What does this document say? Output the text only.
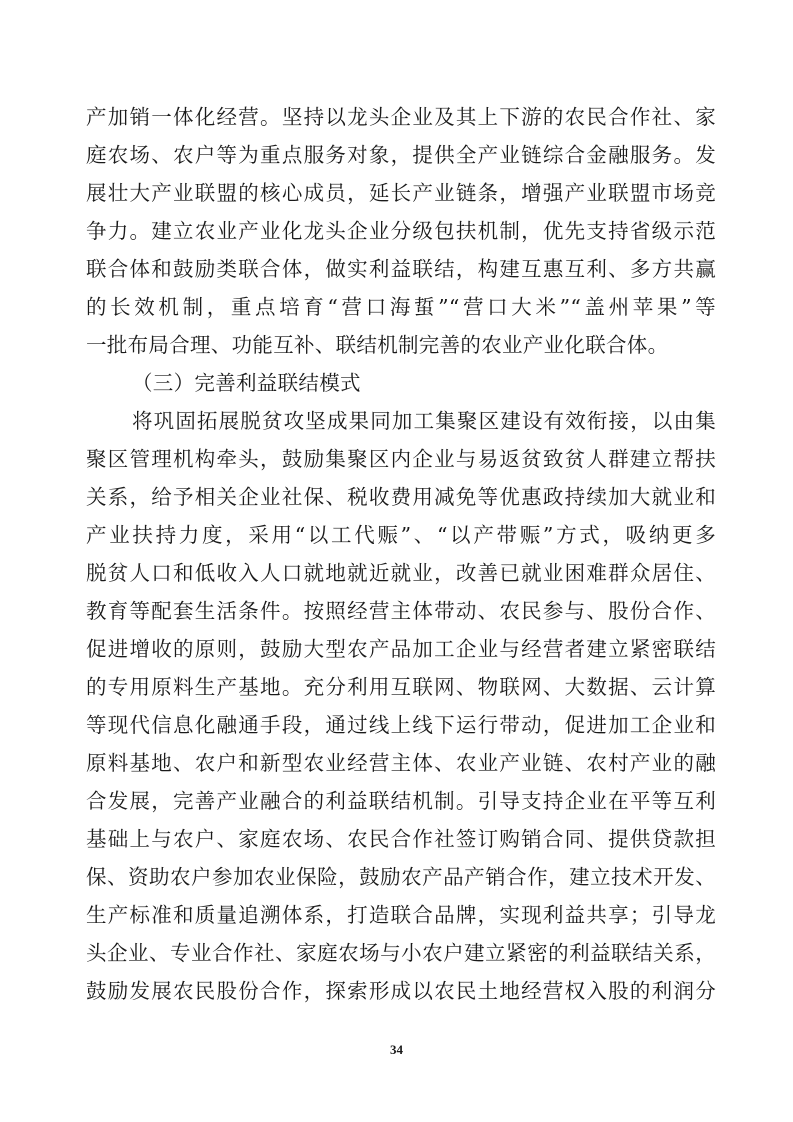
产加销一体化经营。坚持以龙头企业及其上下游的农民合作社、家
庭农场、农户等为重点服务对象，提供全产业链综合金融服务。发
展壮大产业联盟的核心成员，延长产业链条，增强产业联盟市场竞
争力。建立农业产业化龙头企业分级包扶机制，优先支持省级示范
联合体和鼓励类联合体，做实利益联结，构建互惠互利、多方共赢
的长效机制，重点培育“营口海蜇”“营口大米”“盖州苹果”等
一批布局合理、功能互补、联结机制完善的农业产业化联合体。
（三）完善利益联结模式
将巩固拓展脱贫攻坚成果同加工集聚区建设有效衔接，以由集
聚区管理机构牵头，鼓励集聚区内企业与易返贫致贫人群建立帮扶
关系，给予相关企业社保、税收费用减免等优惠政持续加大就业和
产业扶持力度，采用“以工代赈”、“以产带赈”方式，吸纳更多
脱贫人口和低收入人口就地就近就业，改善已就业困难群众居住、
教育等配套生活条件。按照经营主体带动、农民参与、股份合作、
促进增收的原则，鼓励大型农产品加工企业与经营者建立紧密联结
的专用原料生产基地。充分利用互联网、物联网、大数据、云计算
等现代信息化融通手段，通过线上线下运行带动，促进加工企业和
原料基地、农户和新型农业经营主体、农业产业链、农村产业的融
合发展，完善产业融合的利益联结机制。引导支持企业在平等互利
基础上与农户、家庭农场、农民合作社签订购销合同、提供贷款担
保、资助农户参加农业保险，鼓励农产品产销合作，建立技术开发、
生产标准和质量追溯体系，打造联合品牌，实现利益共享；引导龙
头企业、专业合作社、家庭农场与小农户建立紧密的利益联结关系，
鼓励发展农民股份合作，探索形成以农民土地经营权入股的利润分
34
